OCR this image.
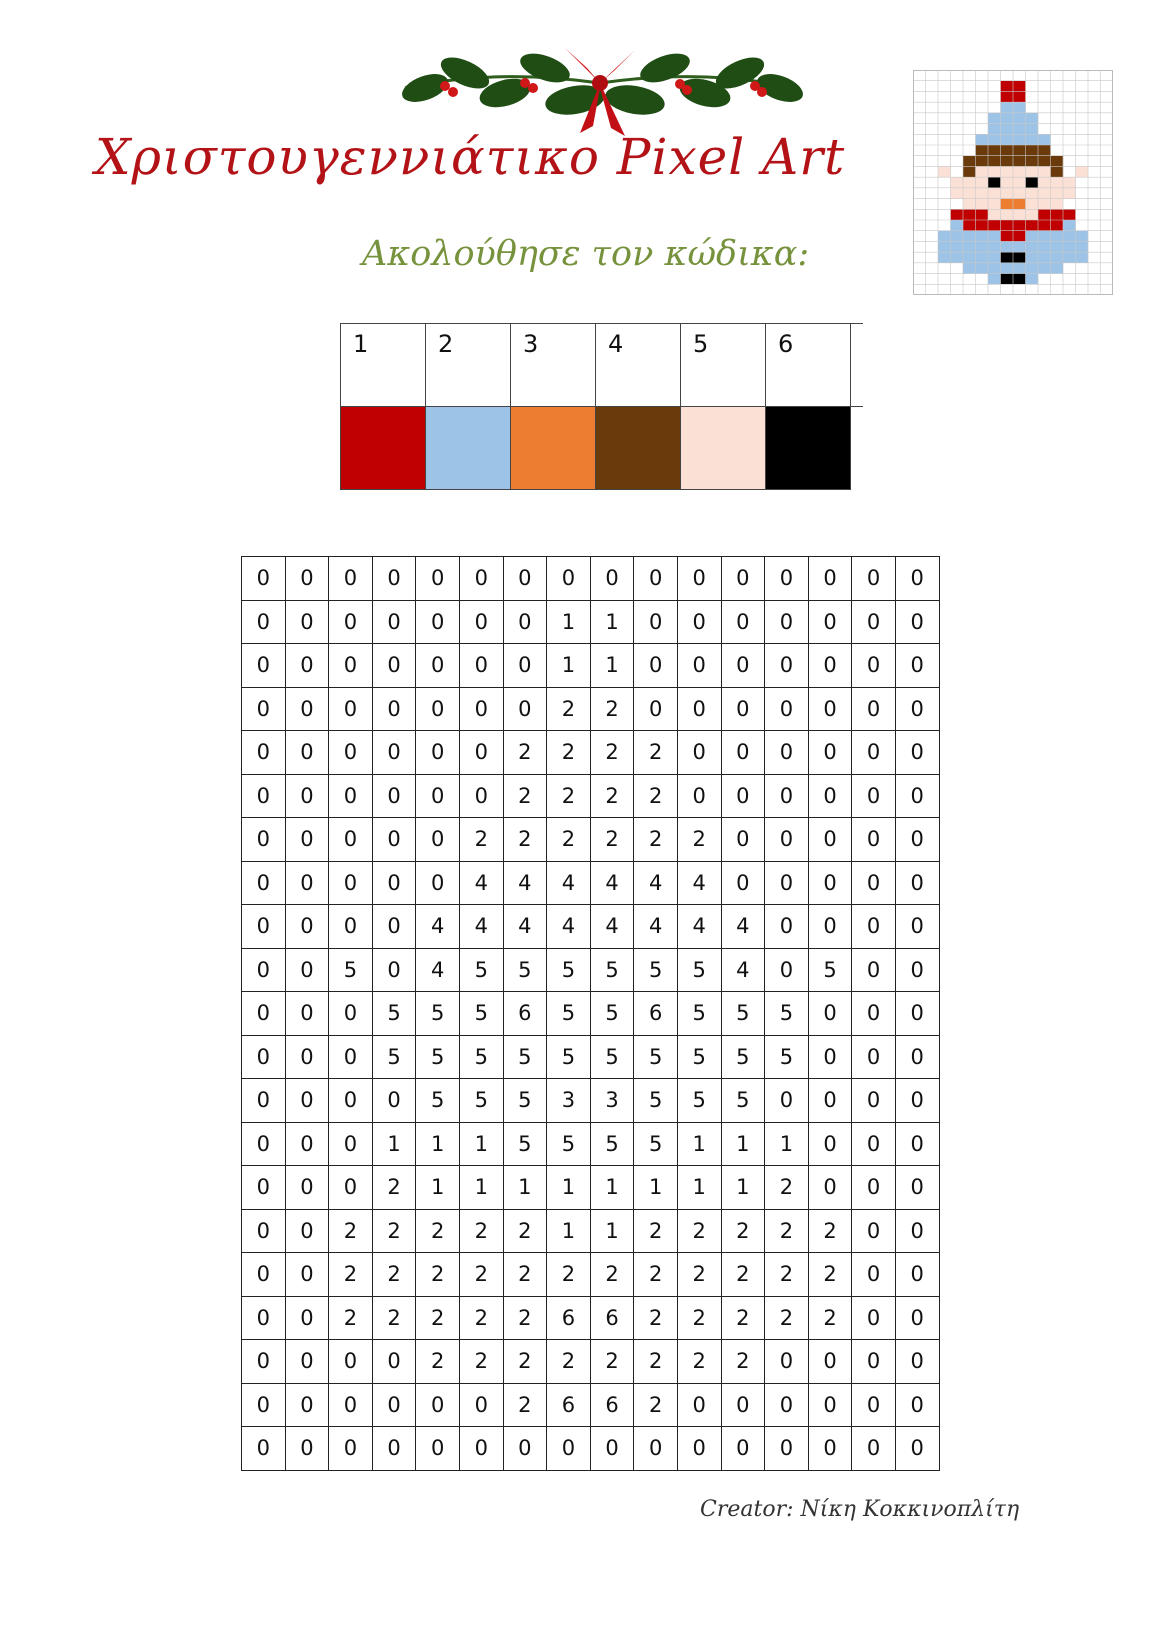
Χριστουγεννιάτικο Pixel Art
Ακολούθησε τον κώδικα:
1	2	3	4	5	6	

0	0	0	0	0	0	0	0	0	0	0	0	0	0	0	0
0	0	0	0	0	0	0	1	1	0	0	0	0	0	0	0
0	0	0	0	0	0	0	1	1	0	0	0	0	0	0	0
0	0	0	0	0	0	0	2	2	0	0	0	0	0	0	0
0	0	0	0	0	0	2	2	2	2	0	0	0	0	0	0
0	0	0	0	0	0	2	2	2	2	0	0	0	0	0	0
0	0	0	0	0	2	2	2	2	2	2	0	0	0	0	0
0	0	0	0	0	4	4	4	4	4	4	0	0	0	0	0
0	0	0	0	4	4	4	4	4	4	4	4	0	0	0	0
0	0	5	0	4	5	5	5	5	5	5	4	0	5	0	0
0	0	0	5	5	5	6	5	5	6	5	5	5	0	0	0
0	0	0	5	5	5	5	5	5	5	5	5	5	0	0	0
0	0	0	0	5	5	5	3	3	5	5	5	0	0	0	0
0	0	0	1	1	1	5	5	5	5	1	1	1	0	0	0
0	0	0	2	1	1	1	1	1	1	1	1	2	0	0	0
0	0	2	2	2	2	2	1	1	2	2	2	2	2	0	0
0	0	2	2	2	2	2	2	2	2	2	2	2	2	0	0
0	0	2	2	2	2	2	6	6	2	2	2	2	2	0	0
0	0	0	0	2	2	2	2	2	2	2	2	0	0	0	0
0	0	0	0	0	0	2	6	6	2	0	0	0	0	0	0
0	0	0	0	0	0	0	0	0	0	0	0	0	0	0	0
Creator: Νίκη Κοκκινοπλίτη
